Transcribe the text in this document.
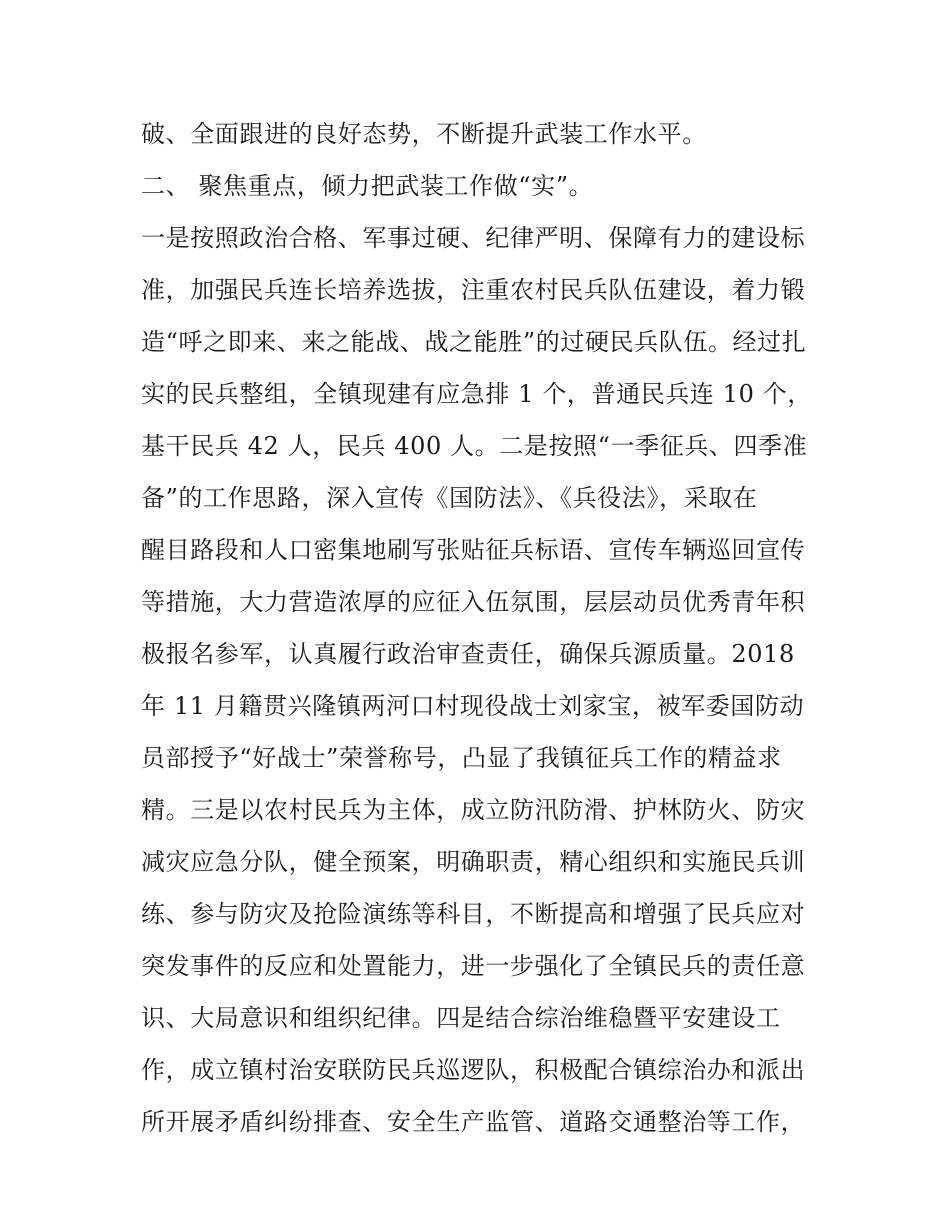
破、全面跟进的良好态势，不断提升武装工作水平。
二、 聚焦重点，倾力把武装工作做“实”。
一是按照政治合格、军事过硬、纪律严明、保障有力的建设标
准，加强民兵连长培养选拔，注重农村民兵队伍建设，着力锻
造“呼之即来、来之能战、战之能胜”的过硬民兵队伍。经过扎
实的民兵整组，全镇现建有应急排 1 个，普通民兵连 10 个，
基干民兵 42 人，民兵 400 人。二是按照“一季征兵、四季准
备”的工作思路，深入宣传《国防法》、《兵役法》，采取在
醒目路段和人口密集地刷写张贴征兵标语、宣传车辆巡回宣传
等措施，大力营造浓厚的应征入伍氛围，层层动员优秀青年积
极报名参军，认真履行政治审查责任，确保兵源质量。2018
年 11 月籍贯兴隆镇两河口村现役战士刘家宝，被军委国防动
员部授予“好战士”荣誉称号，凸显了我镇征兵工作的精益求
精。三是以农村民兵为主体，成立防汛防滑、护林防火、防灾
减灾应急分队，健全预案，明确职责，精心组织和实施民兵训
练、参与防灾及抢险演练等科目，不断提高和增强了民兵应对
突发事件的反应和处置能力，进一步强化了全镇民兵的责任意
识、大局意识和组织纪律。四是结合综治维稳暨平安建设工
作，成立镇村治安联防民兵巡逻队，积极配合镇综治办和派出
所开展矛盾纠纷排查、安全生产监管、道路交通整治等工作，
